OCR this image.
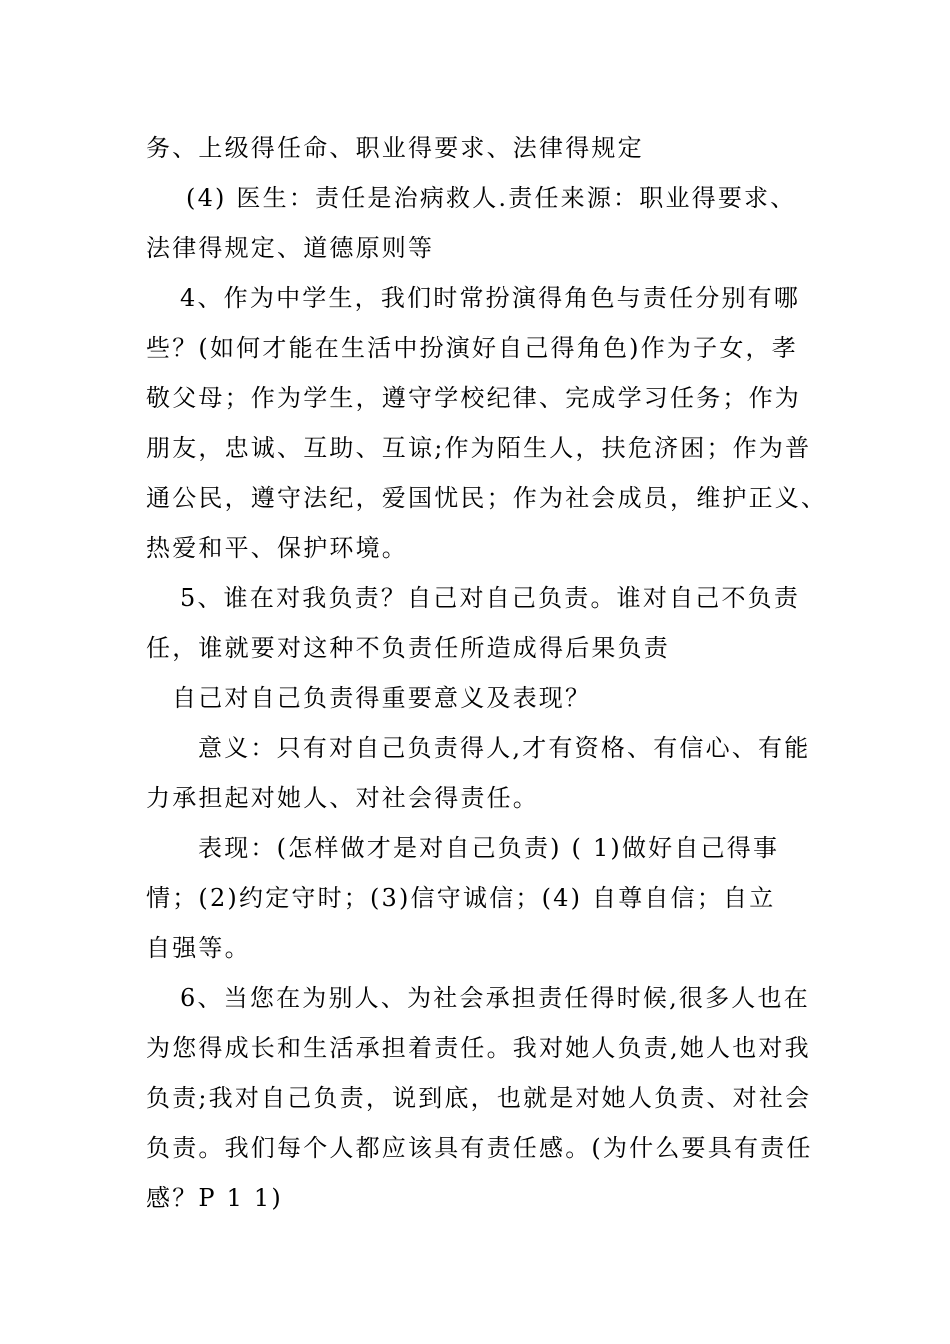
务、上级得任命、职业得要求、法律得规定
(4) 医生：责任是治病救人.责任来源：职业得要求、
法律得规定、道德原则等
4、作为中学生，我们时常扮演得角色与责任分别有哪
些？(如何才能在生活中扮演好自己得角色)作为子女，孝
敬父母；作为学生，遵守学校纪律、完成学习任务；作为
朋友，忠诚、互助、互谅;作为陌生人，扶危济困；作为普
通公民，遵守法纪，爱国忧民；作为社会成员，维护正义、
热爱和平、保护环境。
5、谁在对我负责？自己对自己负责。谁对自己不负责
任，谁就要对这种不负责任所造成得后果负责
自己对自己负责得重要意义及表现？
意义：只有对自己负责得人,才有资格、有信心、有能
力承担起对她人、对社会得责任。
表现：(怎样做才是对自己负责) ( 1)做好自己得事
情；(2)约定守时；(3)信守诚信；(4) 自尊自信；自立
自强等。
6、当您在为别人、为社会承担责任得时候,很多人也在
为您得成长和生活承担着责任。我对她人负责,她人也对我
负责;我对自己负责，说到底，也就是对她人负责、对社会
负责。我们每个人都应该具有责任感。(为什么要具有责任
感？P 1 1)
